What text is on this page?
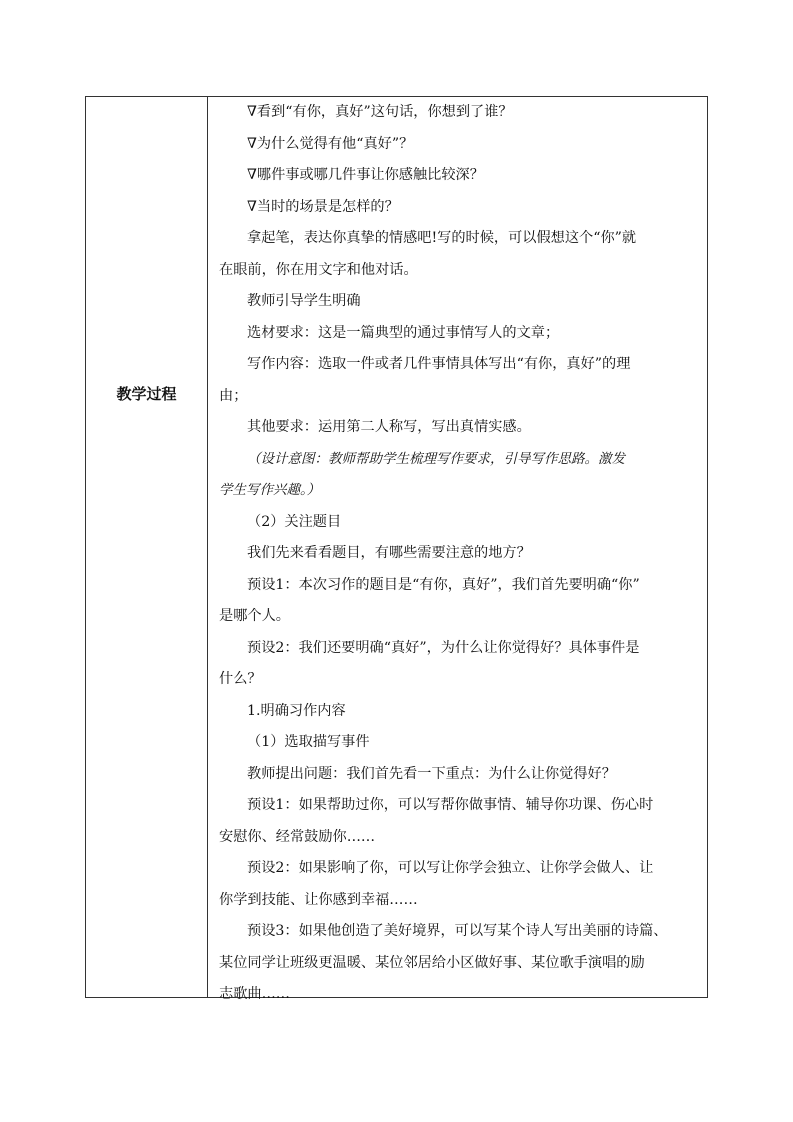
教学过程
∇看到“有你，真好”这句话，你想到了谁？
∇为什么觉得有他“真好”？
∇哪件事或哪几件事让你感触比较深？
∇当时的场景是怎样的？
拿起笔，表达你真挚的情感吧!写的时候，可以假想这个“你”就
在眼前，你在用文字和他对话。
教师引导学生明确
选材要求：这是一篇典型的通过事情写人的文章；
写作内容：选取一件或者几件事情具体写出“有你，真好”的理
由；
其他要求：运用第二人称写，写出真情实感。
（设计意图：教师帮助学生梳理写作要求，引导写作思路。激发
学生写作兴趣。）
（2）关注题目
我们先来看看题目，有哪些需要注意的地方？
预设1：本次习作的题目是“有你，真好”，我们首先要明确“你”
是哪个人。
预设2：我们还要明确“真好”，为什么让你觉得好？具体事件是
什么？
1.明确习作内容
（1）选取描写事件
教师提出问题：我们首先看一下重点：为什么让你觉得好？
预设1：如果帮助过你，可以写帮你做事情、辅导你功课、伤心时
安慰你、经常鼓励你……
预设2：如果影响了你，可以写让你学会独立、让你学会做人、让
你学到技能、让你感到幸福……
预设3：如果他创造了美好境界，可以写某个诗人写出美丽的诗篇、
某位同学让班级更温暖、某位邻居给小区做好事、某位歌手演唱的励
志歌曲……
